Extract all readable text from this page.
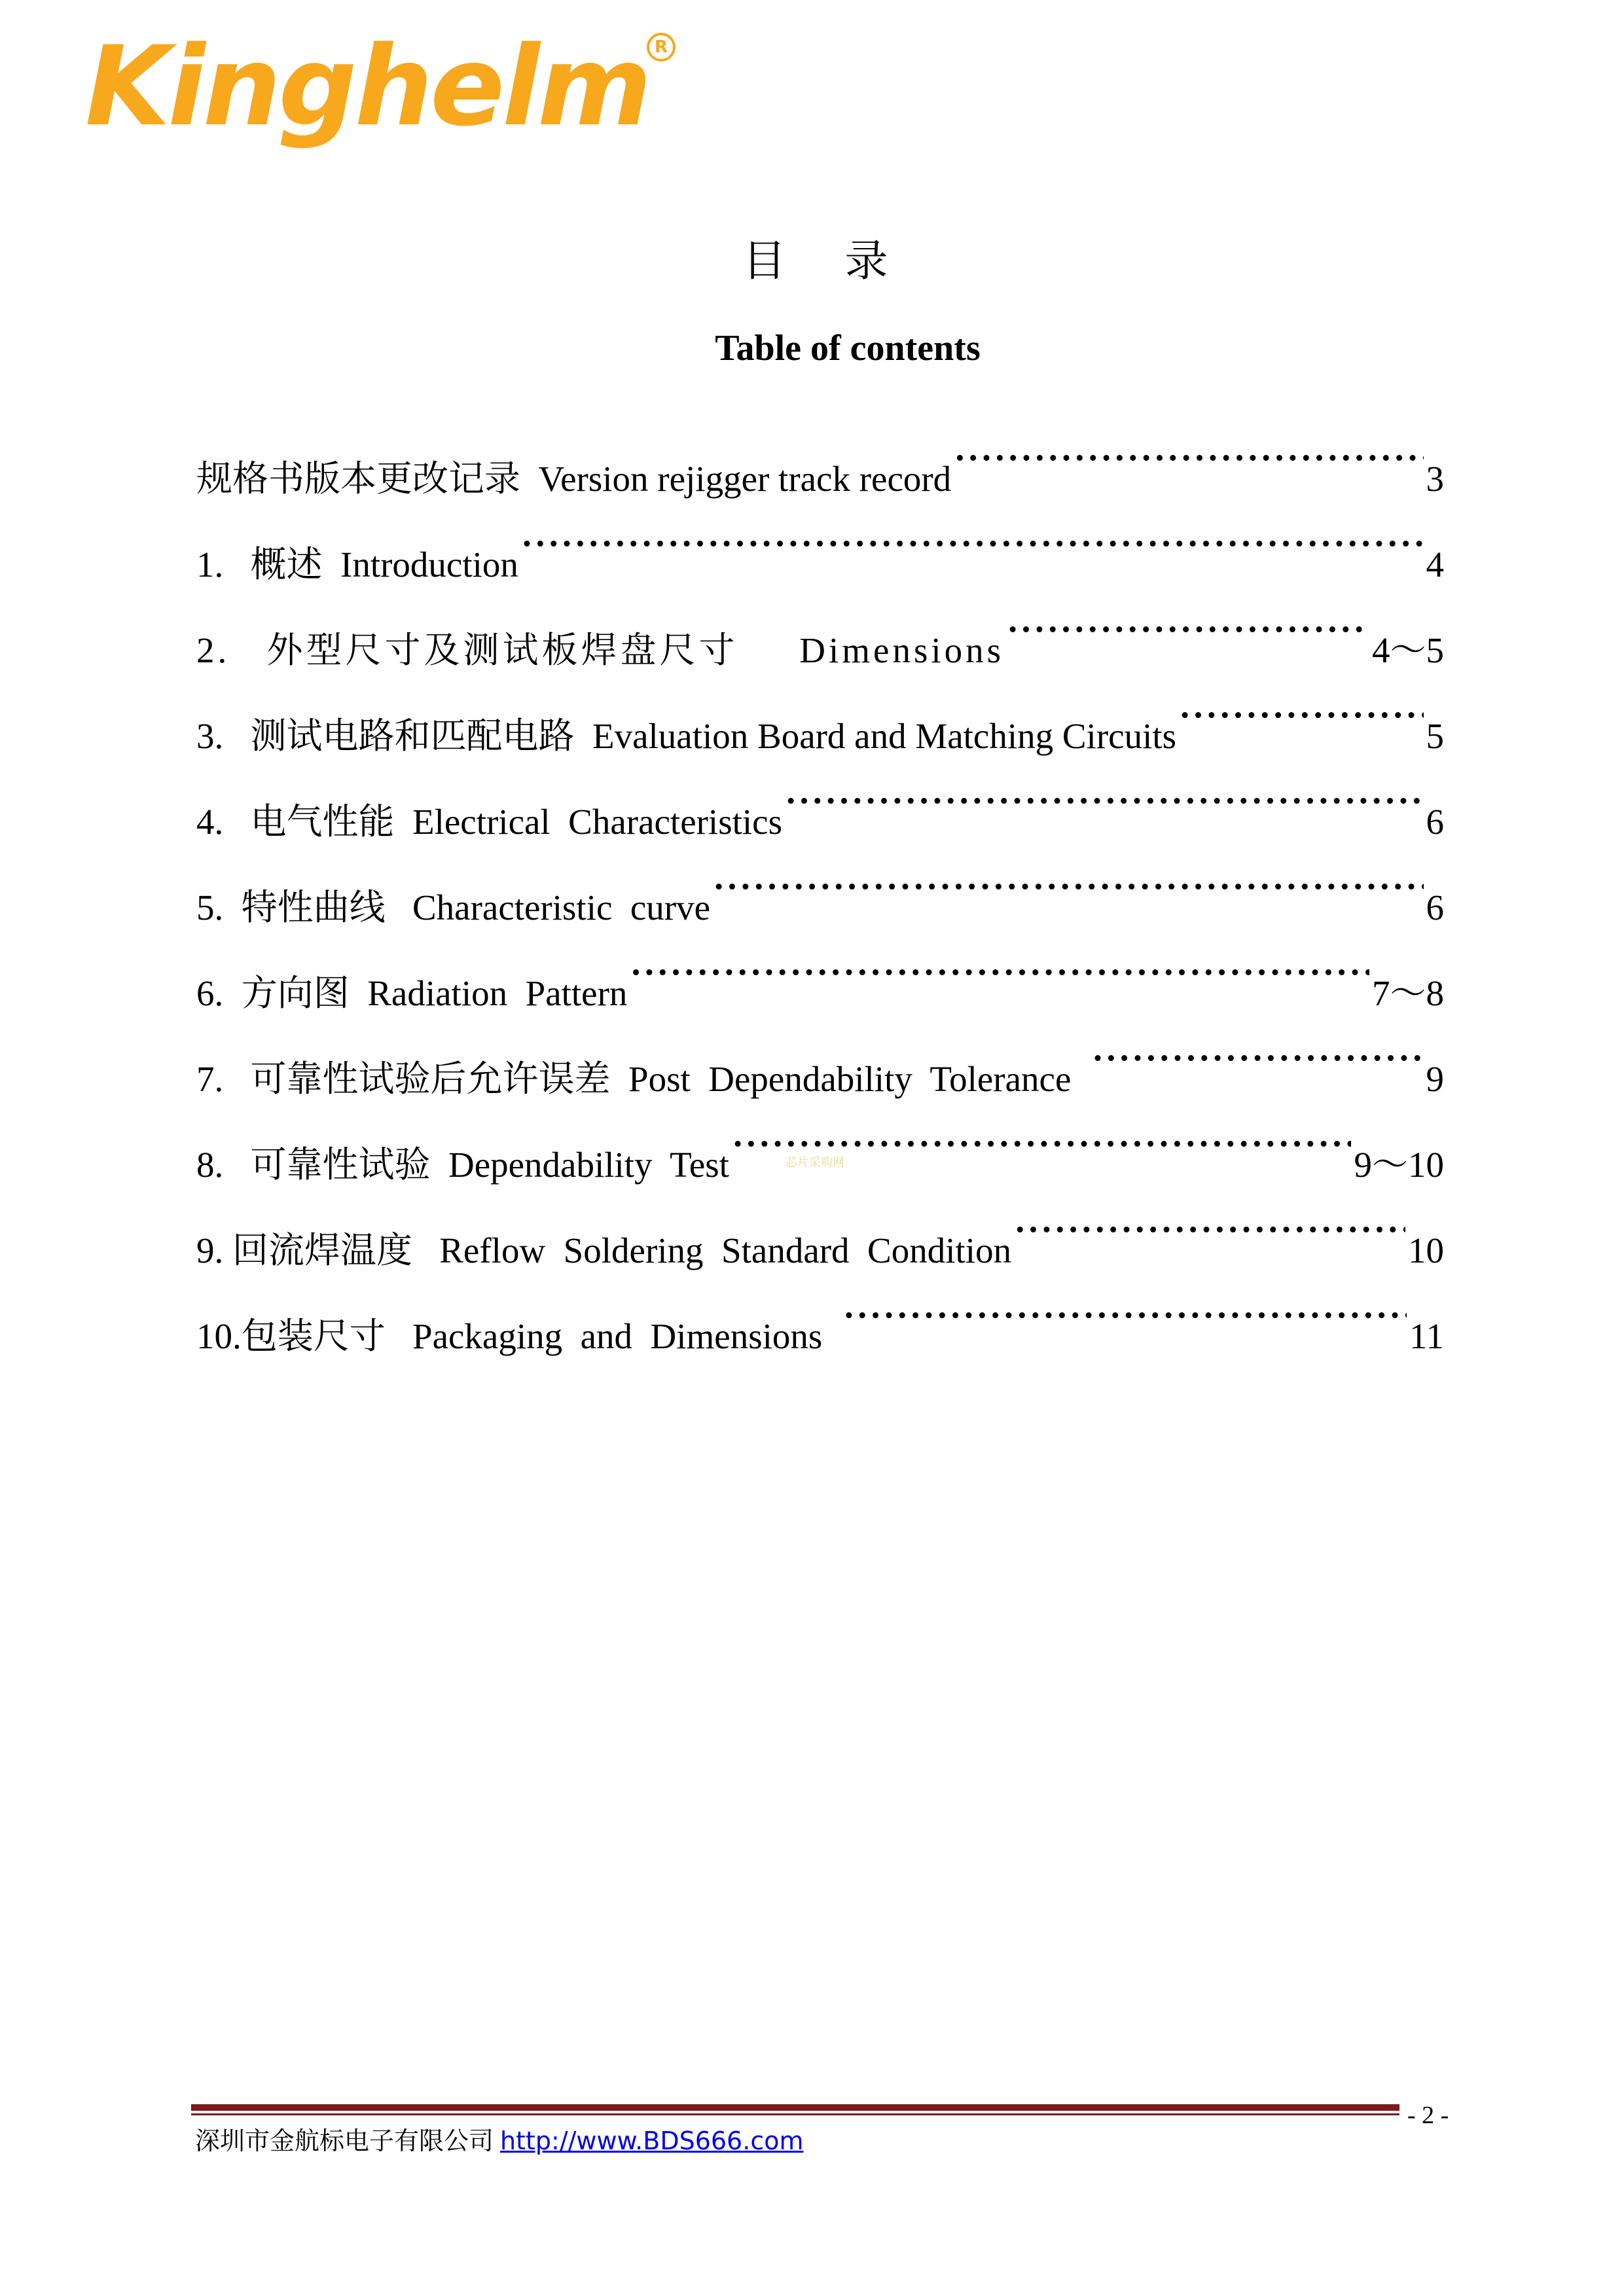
Kinghelm R
目录
Table of contents
规格书版本更改记录  Version rejigger track record ·····	3
1.   概述  Introduction ·····	4
2.   外型尺寸及测试板焊盘尺寸     Dimensions ·····	4～5
3.   测试电路和匹配电路  Evaluation Board and Matching Circuits ·····	5
4.   电气性能  Electrical  Characteristics ·····	6
5.  特性曲线   Characteristic  curve ·····	6
6.  方向图  Radiation  Pattern ·····	7～8
7.   可靠性试验后允许误差  Post  Dependability  Tolerance ·····	9
8.   可靠性试验  Dependability  Test ·····	9～10
9. 回流焊温度   Reflow  Soldering  Standard  Condition ·····	10
10.包装尺寸   Packaging  and  Dimensions ·····	11
芯片采购网
深圳市金航标电子有限公司 http://www.BDS666.com
- 2 -
